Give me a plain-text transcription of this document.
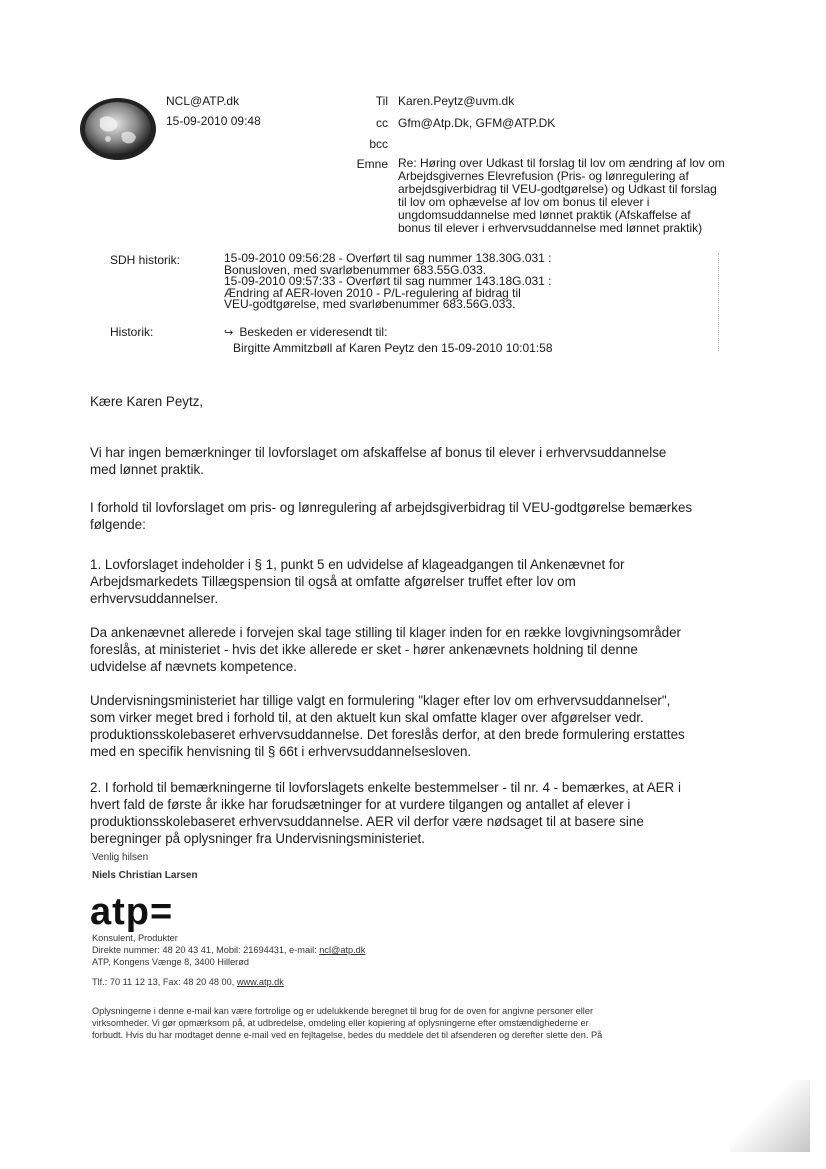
NCL@ATP.dk
15-09-2010 09:48
Til
cc
bcc
Emne
Karen.Peytz@uvm.dk
Gfm@Atp.Dk, GFM@ATP.DK
Re: Høring over Udkast til forslag til lov om ændring af lov om
Arbejdsgivernes Elevrefusion (Pris- og lønregulering af
arbejdsgiverbidrag til VEU-godtgørelse) og Udkast til forslag
til lov om ophævelse af lov om bonus til elever i
ungdomsuddannelse med lønnet praktik (Afskaffelse af
bonus til elever i erhvervsuddannelse med lønnet praktik)
SDH historik:	15-09-2010 09:56:28 - Overført til sag nummer 138.30G.031 :
Bonusloven, med svarløbenummer 683.55G.033.
15-09-2010 09:57:33 - Overført til sag nummer 143.18G.031 :
Ændring af AER-loven 2010 - P/L-regulering af bidrag til
VEU-godtgørelse, med svarløbenummer 683.56G.033.
Historik:	↪ Beskeden er videresendt til:
Birgitte Ammitzbøll af Karen Peytz den 15-09-2010 10:01:58
Kære Karen Peytz,

Vi har ingen bemærkninger til lovforslaget om afskaffelse af bonus til elever i erhvervsuddannelse

med lønnet praktik.

I forhold til lovforslaget om pris- og lønregulering af arbejdsgiverbidrag til VEU-godtgørelse bemærkes

følgende:

1. Lovforslaget indeholder i § 1, punkt 5 en udvidelse af klageadgangen til Ankenævnet for

Arbejdsmarkedets Tillægspension til også at omfatte afgørelser truffet efter lov om

erhvervsuddannelser.

Da ankenævnet allerede i forvejen skal tage stilling til klager inden for en række lovgivningsområder

foreslås, at ministeriet - hvis det ikke allerede er sket - hører ankenævnets holdning til denne

udvidelse af nævnets kompetence.

Undervisningsministeriet har tillige valgt en formulering "klager efter lov om erhvervsuddannelser",

som virker meget bred i forhold til, at den aktuelt kun skal omfatte klager over afgørelser vedr.

produktionsskolebaseret erhvervsuddannelse. Det foreslås derfor, at den brede formulering erstattes

med en specifik henvisning til § 66t i erhvervsuddannelsesloven.

2. I forhold til bemærkningerne til lovforslagets enkelte bestemmelser - til nr. 4 - bemærkes, at AER i

hvert fald de første år ikke har forudsætninger for at vurdere tilgangen og antallet af elever i

produktionsskolebaseret erhvervsuddannelse. AER vil derfor være nødsaget til at basere sine

beregninger på oplysninger fra Undervisningsministeriet.

Venlig hilsen
Niels Christian Larsen
atp=
Konsulent, Produkter
Direkte nummer: 48 20 43 41, Mobil: 21694431, e-mail: ncl@atp.dk
ATP, Kongens Vænge 8, 3400 Hillerød
Tlf.: 70 11 12 13, Fax: 48 20 48 00, www.atp.dk
Oplysningerne i denne e-mail kan være fortrolige og er udelukkende beregnet til brug for de oven for angivne personer eller
virksomheder. Vi gør opmærksom på, at udbredelse, omdeling eller kopiering af oplysningerne efter omstændighederne er
forbudt. Hvis du har modtaget denne e-mail ved en fejltagelse, bedes du meddele det til afsenderen og derefter slette den. På
